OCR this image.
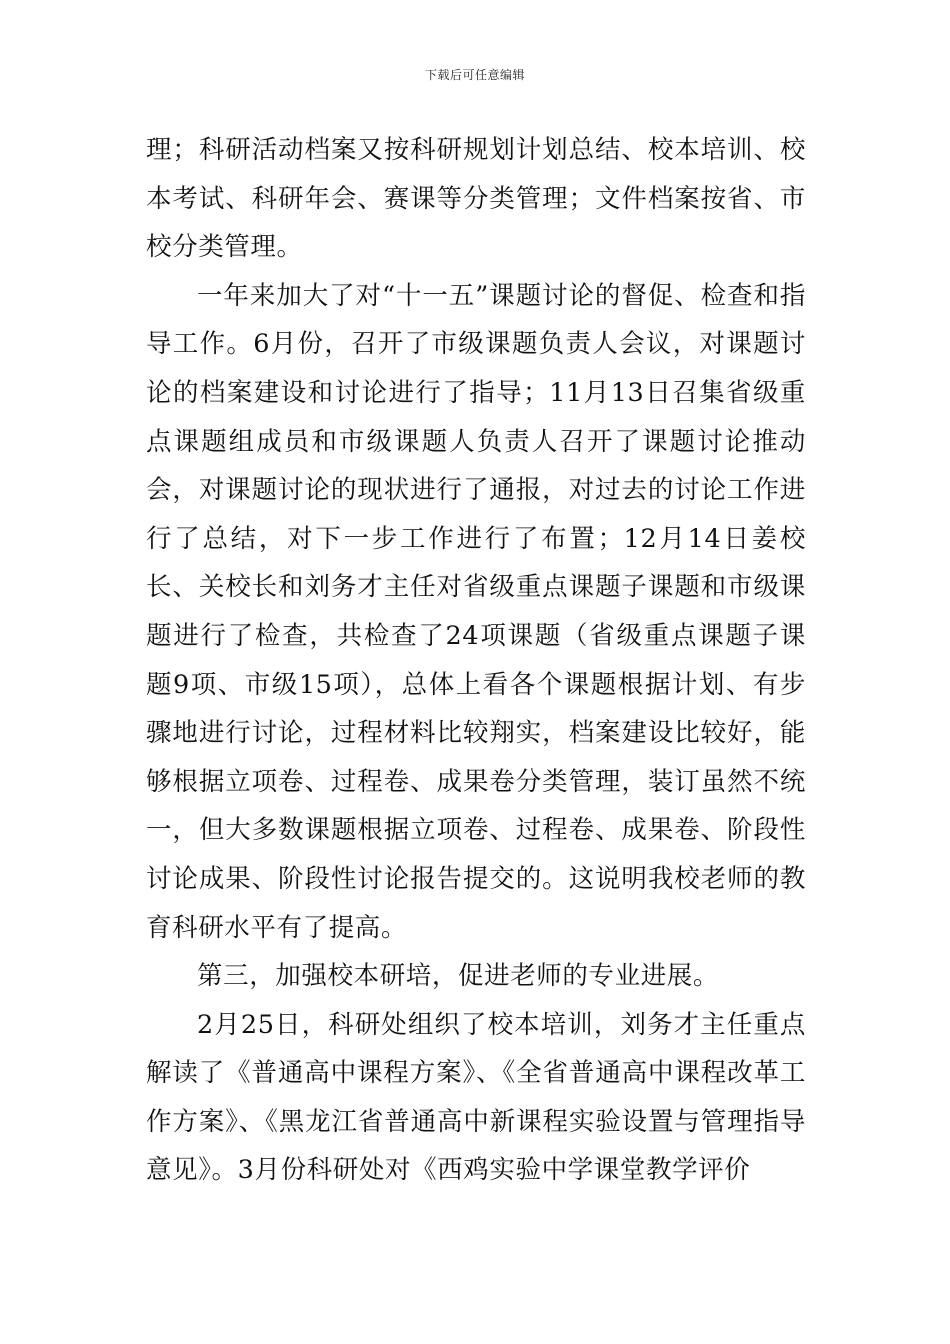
下载后可任意编辑

理；科研活动档案又按科研规划计划总结、校本培训、校本考试、科研年会、赛课等分类管理；文件档案按省、市校分类管理。

一年来加大了对“十一五”课题讨论的督促、检查和指导工作。6月份，召开了市级课题负责人会议，对课题讨论的档案建设和讨论进行了指导；11月13日召集省级重点课题组成员和市级课题人负责人召开了课题讨论推动会，对课题讨论的现状进行了通报，对过去的讨论工作进行了总结，对下一步工作进行了布置；12月14日姜校长、关校长和刘务才主任对省级重点课题子课题和市级课题进行了检查，共检查了24项课题（省级重点课题子课题9项、市级15项），总体上看各个课题根据计划、有步骤地进行讨论，过程材料比较翔实，档案建设比较好，能够根据立项卷、过程卷、成果卷分类管理，装订虽然不统一，但大多数课题根据立项卷、过程卷、成果卷、阶段性讨论成果、阶段性讨论报告提交的。这说明我校老师的教育科研水平有了提高。

第三，加强校本研培，促进老师的专业进展。

2月25日，科研处组织了校本培训，刘务才主任重点解读了《普通高中课程方案》、《全省普通高中课程改革工作方案》、《黑龙江省普通高中新课程实验设置与管理指导意见》。3月份科研处对《西鸡实验中学课堂教学评价
